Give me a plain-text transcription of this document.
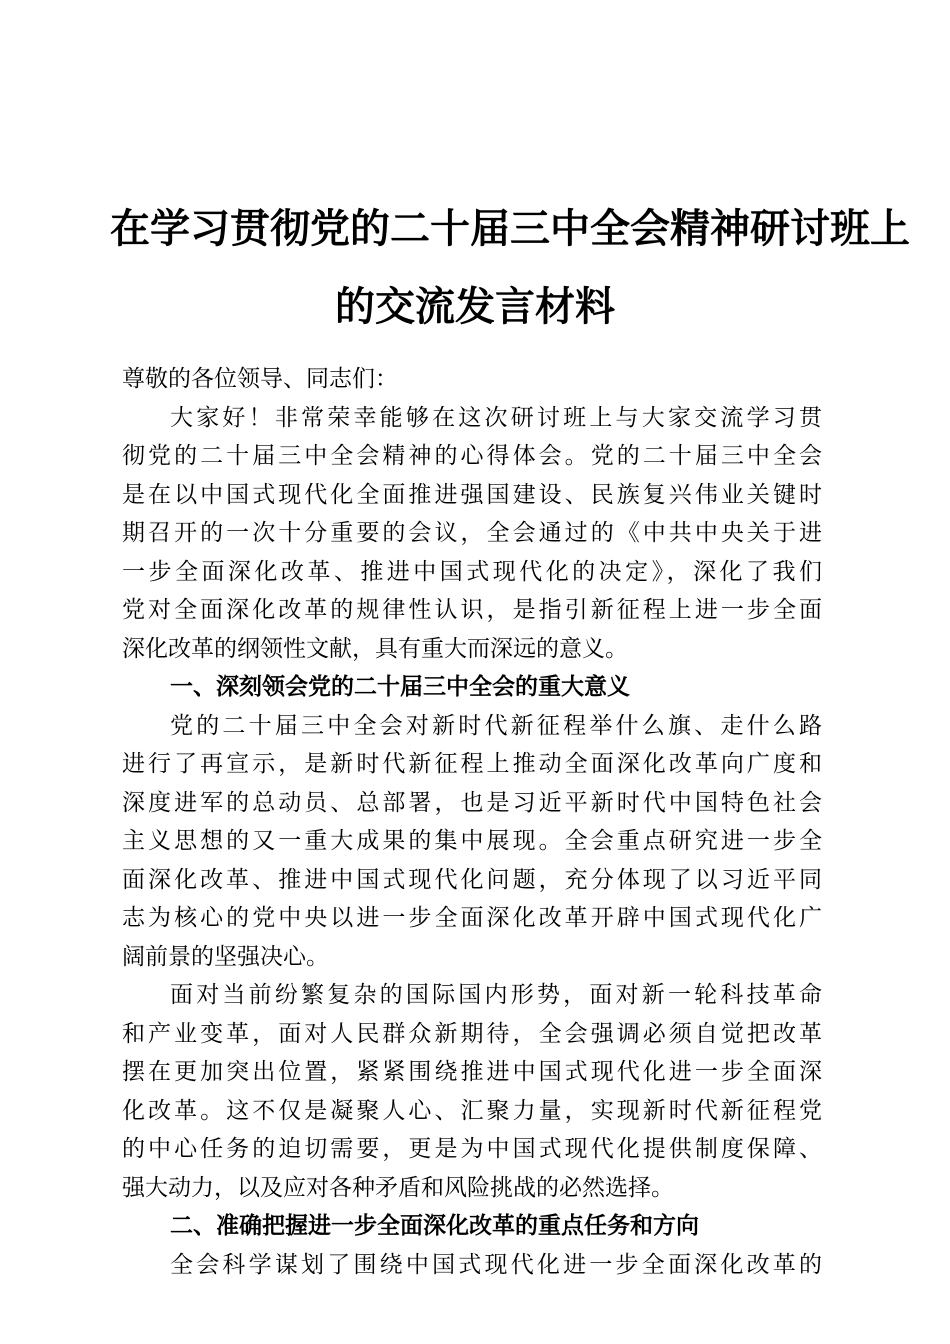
在学习贯彻党的二十届三中全会精神研讨班上
的交流发言材料
尊敬的各位领导、同志们：
大家好！非常荣幸能够在这次研讨班上与大家交流学习贯
彻党的二十届三中全会精神的心得体会。党的二十届三中全会
是在以中国式现代化全面推进强国建设、民族复兴伟业关键时
期召开的一次十分重要的会议，全会通过的《中共中央关于进
一步全面深化改革、推进中国式现代化的决定》，深化了我们
党对全面深化改革的规律性认识，是指引新征程上进一步全面
深化改革的纲领性文献，具有重大而深远的意义。
一、深刻领会党的二十届三中全会的重大意义
党的二十届三中全会对新时代新征程举什么旗、走什么路
进行了再宣示，是新时代新征程上推动全面深化改革向广度和
深度进军的总动员、总部署，也是习近平新时代中国特色社会
主义思想的又一重大成果的集中展现。全会重点研究进一步全
面深化改革、推进中国式现代化问题，充分体现了以习近平同
志为核心的党中央以进一步全面深化改革开辟中国式现代化广
阔前景的坚强决心。
面对当前纷繁复杂的国际国内形势，面对新一轮科技革命
和产业变革，面对人民群众新期待，全会强调必须自觉把改革
摆在更加突出位置，紧紧围绕推进中国式现代化进一步全面深
化改革。这不仅是凝聚人心、汇聚力量，实现新时代新征程党
的中心任务的迫切需要，更是为中国式现代化提供制度保障、
强大动力，以及应对各种矛盾和风险挑战的必然选择。
二、准确把握进一步全面深化改革的重点任务和方向
全会科学谋划了围绕中国式现代化进一步全面深化改革的
